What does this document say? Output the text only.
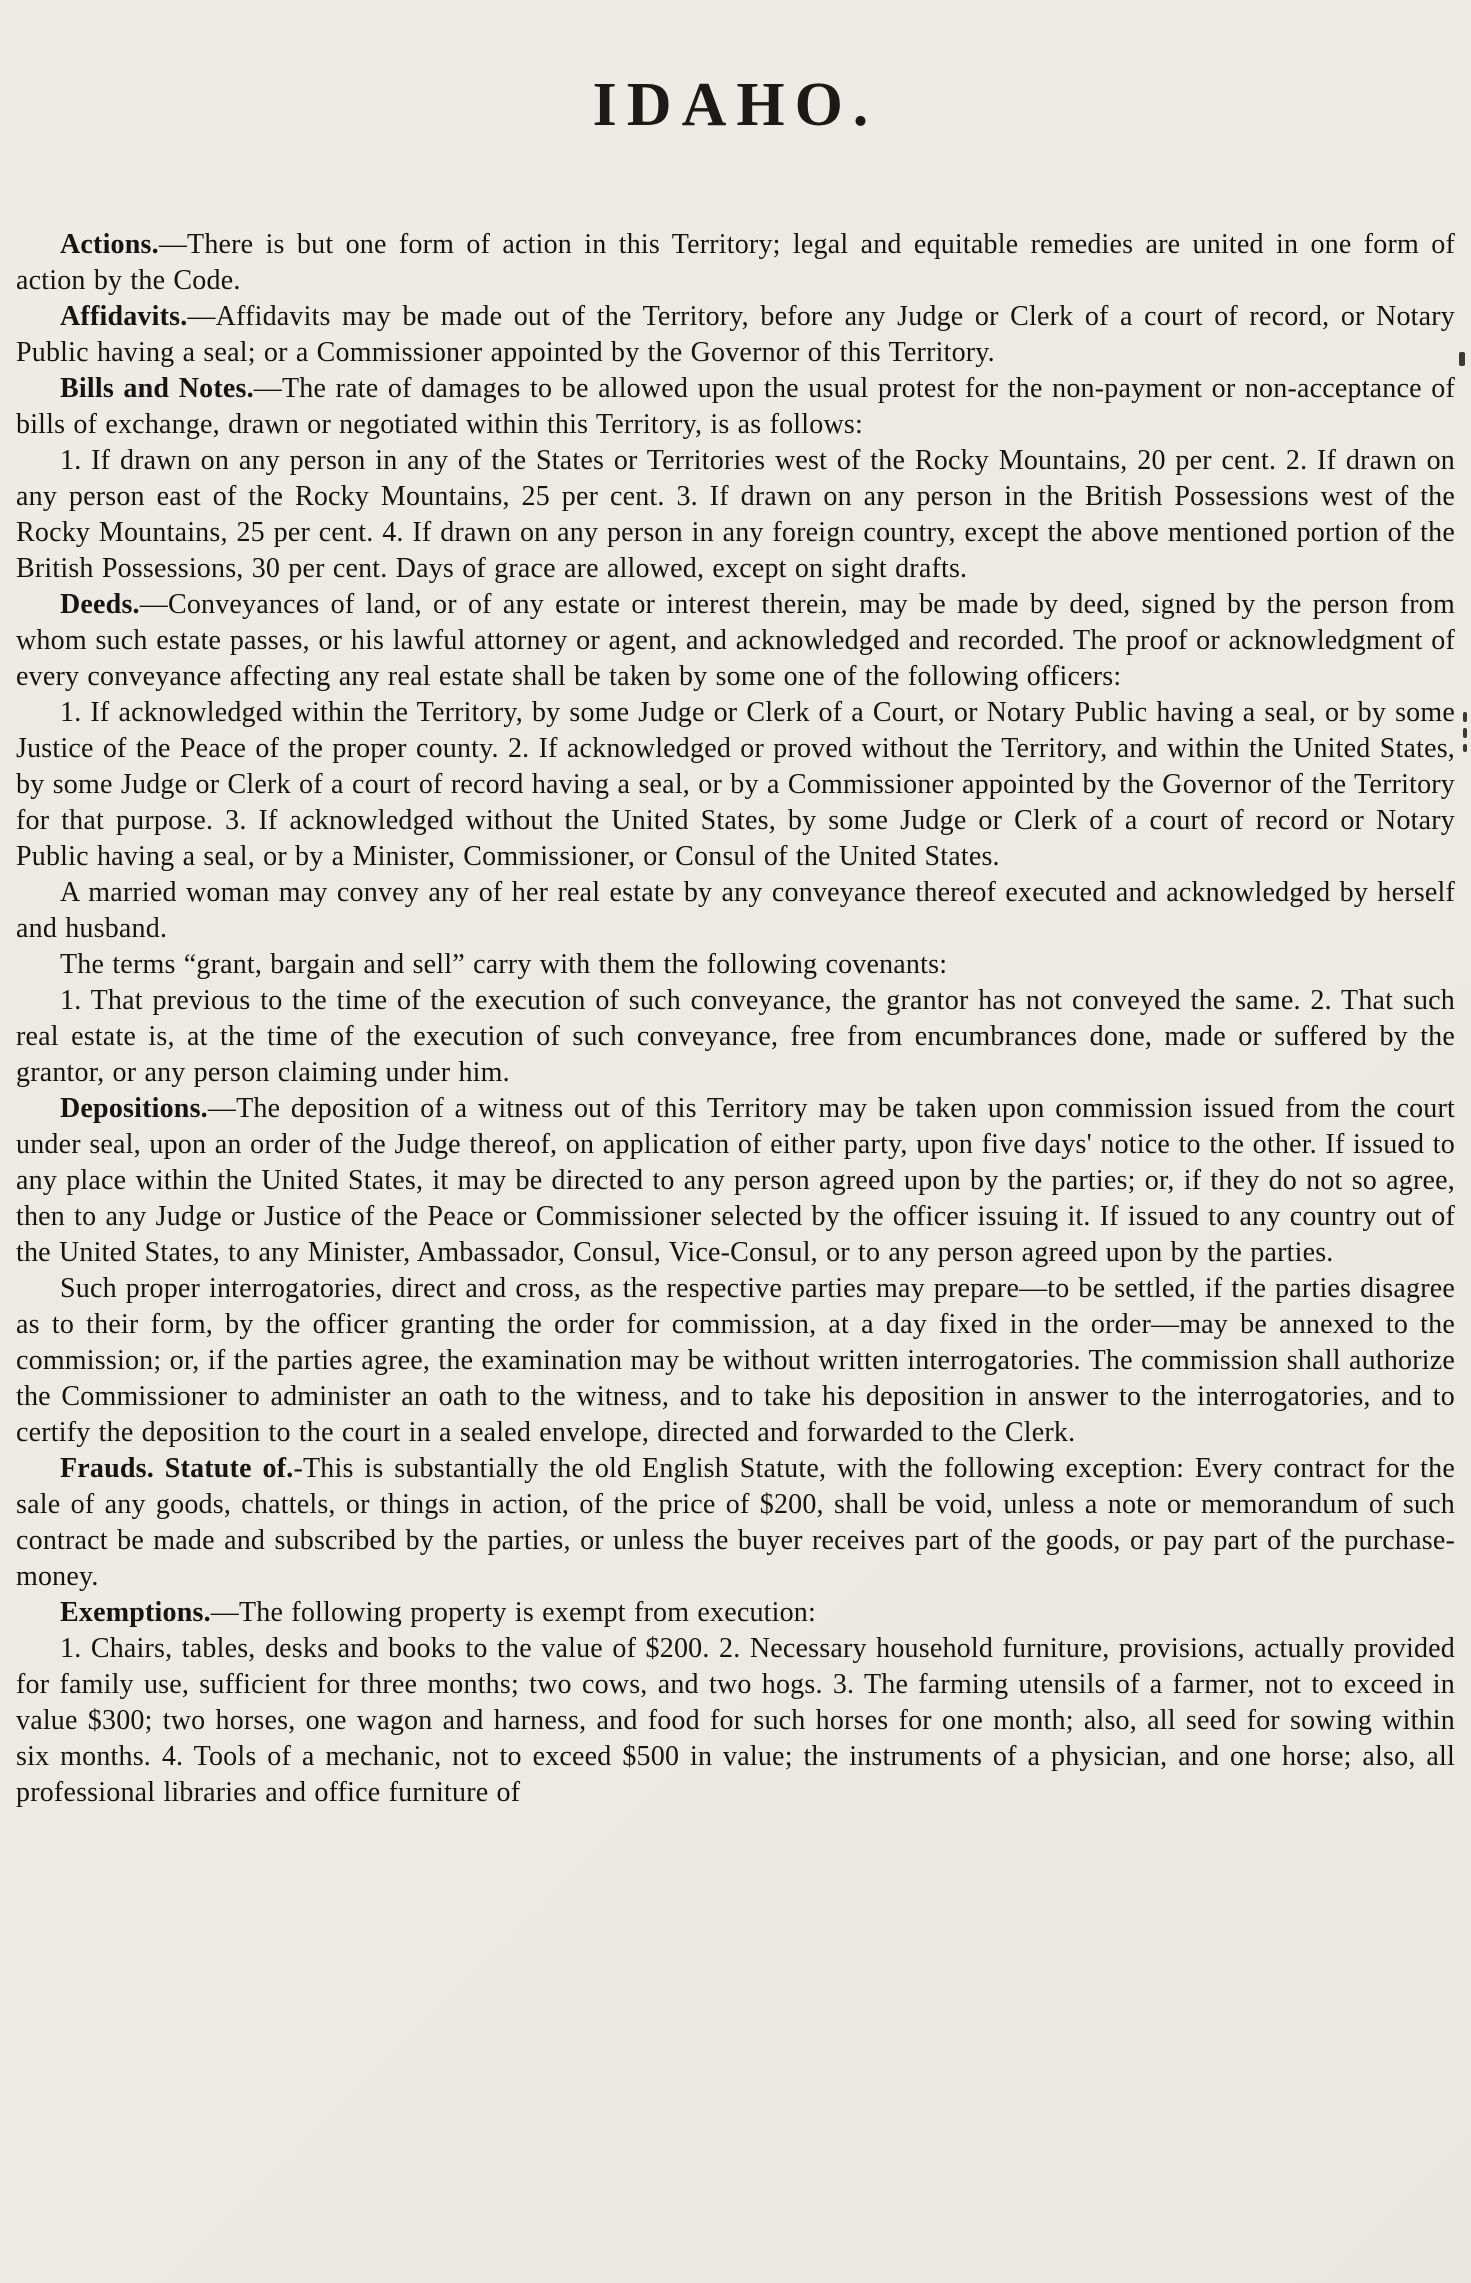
IDAHO.

Actions.—There is but one form of action in this Territory; legal and equitable remedies are united in one form of action by the Code.

Affidavits.—Affidavits may be made out of the Territory, before any Judge or Clerk of a court of record, or Notary Public having a seal; or a Commissioner appointed by the Governor of this Territory.

Bills and Notes.—The rate of damages to be allowed upon the usual protest for the non-payment or non-acceptance of bills of exchange, drawn or negotiated within this Territory, is as follows:

1. If drawn on any person in any of the States or Territories west of the Rocky Mountains, 20 per cent. 2. If drawn on any person east of the Rocky Mountains, 25 per cent. 3. If drawn on any person in the British Possessions west of the Rocky Mountains, 25 per cent. 4. If drawn on any person in any foreign country, except the above mentioned portion of the British Possessions, 30 per cent. Days of grace are allowed, except on sight drafts.

Deeds.—Conveyances of land, or of any estate or interest therein, may be made by deed, signed by the person from whom such estate passes, or his lawful attorney or agent, and acknowledged and recorded. The proof or acknowledgment of every conveyance affecting any real estate shall be taken by some one of the following officers:

1. If acknowledged within the Territory, by some Judge or Clerk of a Court, or Notary Public having a seal, or by some Justice of the Peace of the proper county. 2. If acknowledged or proved without the Territory, and within the United States, by some Judge or Clerk of a court of record having a seal, or by a Commissioner appointed by the Governor of the Territory for that purpose. 3. If acknowledged without the United States, by some Judge or Clerk of a court of record or Notary Public having a seal, or by a Minister, Commissioner, or Consul of the United States.

A married woman may convey any of her real estate by any conveyance thereof executed and acknowledged by herself and husband.

The terms “grant, bargain and sell” carry with them the following covenants:

1. That previous to the time of the execution of such conveyance, the grantor has not conveyed the same. 2. That such real estate is, at the time of the execution of such conveyance, free from encumbrances done, made or suffered by the grantor, or any person claiming under him.

Depositions.—The deposition of a witness out of this Territory may be taken upon commission issued from the court under seal, upon an order of the Judge thereof, on application of either party, upon five days' notice to the other. If issued to any place within the United States, it may be directed to any person agreed upon by the parties; or, if they do not so agree, then to any Judge or Justice of the Peace or Commissioner selected by the officer issuing it. If issued to any country out of the United States, to any Minister, Ambassador, Consul, Vice-Consul, or to any person agreed upon by the parties.

Such proper interrogatories, direct and cross, as the respective parties may prepare—to be settled, if the parties disagree as to their form, by the officer granting the order for commission, at a day fixed in the order—may be annexed to the commission; or, if the parties agree, the examination may be without written interrogatories. The commission shall authorize the Commissioner to administer an oath to the witness, and to take his deposition in answer to the interrogatories, and to certify the deposition to the court in a sealed envelope, directed and forwarded to the Clerk.

Frauds. Statute of.-This is substantially the old English Statute, with the following exception: Every contract for the sale of any goods, chattels, or things in action, of the price of $200, shall be void, unless a note or memorandum of such contract be made and subscribed by the parties, or unless the buyer receives part of the goods, or pay part of the purchase-money.

Exemptions.—The following property is exempt from execution:

1. Chairs, tables, desks and books to the value of $200. 2. Necessary household furniture, provisions, actually provided for family use, sufficient for three months; two cows, and two hogs. 3. The farming utensils of a farmer, not to exceed in value $300; two horses, one wagon and harness, and food for such horses for one month; also, all seed for sowing within six months. 4. Tools of a mechanic, not to exceed $500 in value; the instruments of a physician, and one horse; also, all professional libraries and office furniture of
